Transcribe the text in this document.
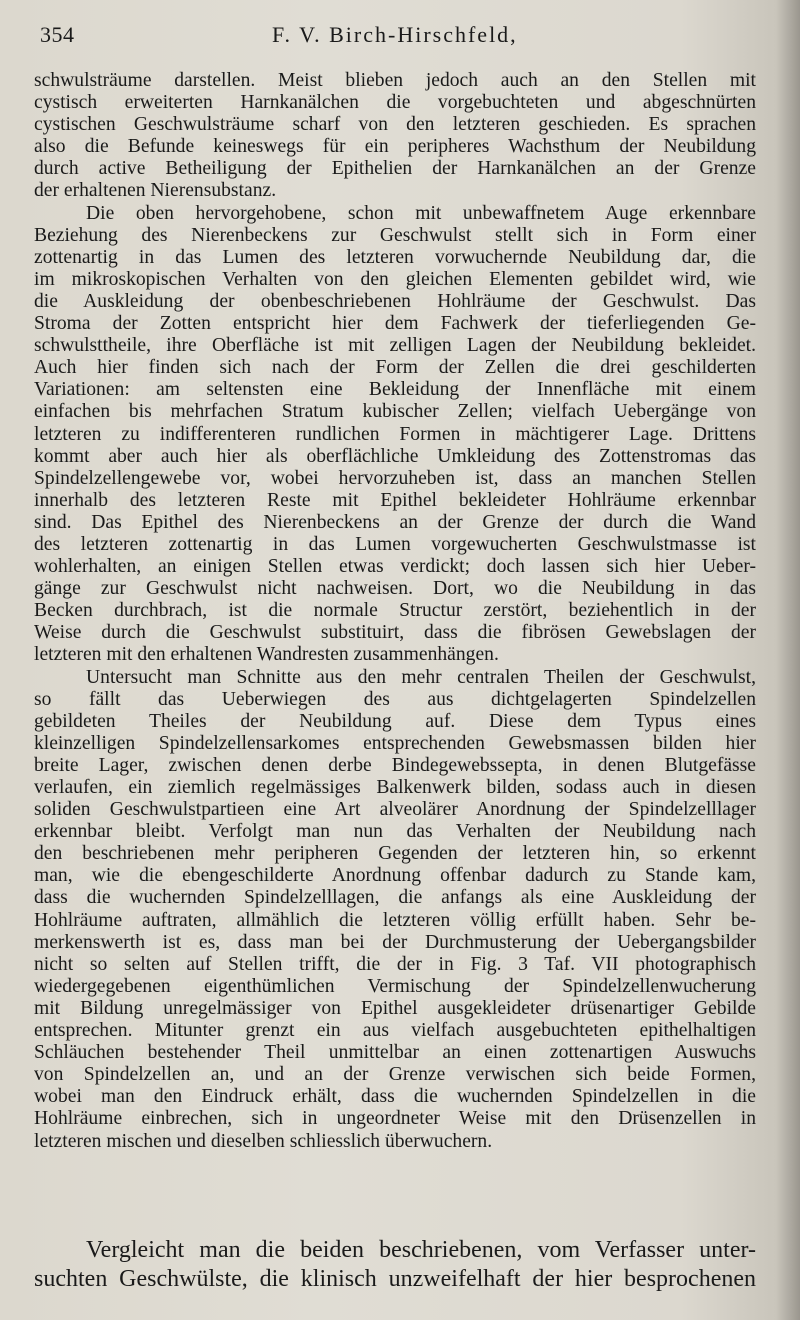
354	F. V. Birch-Hirschfeld,
schwulsträume darstellen. Meist blieben jedoch auch an den Stellen mit
cystisch erweiterten Harnkanälchen die vorgebuchteten und abgeschnürten
cystischen Geschwulsträume scharf von den letzteren geschieden. Es sprachen
also die Befunde keineswegs für ein peripheres Wachsthum der Neubildung
durch active Betheiligung der Epithelien der Harnkanälchen an der Grenze
der erhaltenen Nierensubstanz.
Die oben hervorgehobene, schon mit unbewaffnetem Auge erkennbare
Beziehung des Nierenbeckens zur Geschwulst stellt sich in Form einer
zottenartig in das Lumen des letzteren vorwuchernde Neubildung dar, die
im mikroskopischen Verhalten von den gleichen Elementen gebildet wird, wie
die Auskleidung der obenbeschriebenen Hohlräume der Geschwulst. Das
Stroma der Zotten entspricht hier dem Fachwerk der tieferliegenden Ge-
schwulsttheile, ihre Oberfläche ist mit zelligen Lagen der Neubildung bekleidet.
Auch hier finden sich nach der Form der Zellen die drei geschilderten
Variationen: am seltensten eine Bekleidung der Innenfläche mit einem
einfachen bis mehrfachen Stratum kubischer Zellen; vielfach Uebergänge von
letzteren zu indifferenteren rundlichen Formen in mächtigerer Lage. Drittens
kommt aber auch hier als oberflächliche Umkleidung des Zottenstromas das
Spindelzellengewebe vor, wobei hervorzuheben ist, dass an manchen Stellen
innerhalb des letzteren Reste mit Epithel bekleideter Hohlräume erkennbar
sind. Das Epithel des Nierenbeckens an der Grenze der durch die Wand
des letzteren zottenartig in das Lumen vorgewucherten Geschwulstmasse ist
wohlerhalten, an einigen Stellen etwas verdickt; doch lassen sich hier Ueber-
gänge zur Geschwulst nicht nachweisen. Dort, wo die Neubildung in das
Becken durchbrach, ist die normale Structur zerstört, beziehentlich in der
Weise durch die Geschwulst substituirt, dass die fibrösen Gewebslagen der
letzteren mit den erhaltenen Wandresten zusammenhängen.
Untersucht man Schnitte aus den mehr centralen Theilen der Geschwulst,
so fällt das Ueberwiegen des aus dichtgelagerten Spindelzellen
gebildeten Theiles der Neubildung auf. Diese dem Typus eines
kleinzelligen Spindelzellensarkomes entsprechenden Gewebsmassen bilden hier
breite Lager, zwischen denen derbe Bindegewebssepta, in denen Blutgefässe
verlaufen, ein ziemlich regelmässiges Balkenwerk bilden, sodass auch in diesen
soliden Geschwulstpartieen eine Art alveolärer Anordnung der Spindelzelllager
erkennbar bleibt. Verfolgt man nun das Verhalten der Neubildung nach
den beschriebenen mehr peripheren Gegenden der letzteren hin, so erkennt
man, wie die ebengeschilderte Anordnung offenbar dadurch zu Stande kam,
dass die wuchernden Spindelzelllagen, die anfangs als eine Auskleidung der
Hohlräume auftraten, allmählich die letzteren völlig erfüllt haben. Sehr be-
merkenswerth ist es, dass man bei der Durchmusterung der Uebergangsbilder
nicht so selten auf Stellen trifft, die der in Fig. 3 Taf. VII photographisch
wiedergegebenen eigenthümlichen Vermischung der Spindelzellenwucherung
mit Bildung unregelmässiger von Epithel ausgekleideter drüsenartiger Gebilde
entsprechen. Mitunter grenzt ein aus vielfach ausgebuchteten epithelhaltigen
Schläuchen bestehender Theil unmittelbar an einen zottenartigen Auswuchs
von Spindelzellen an, und an der Grenze verwischen sich beide Formen,
wobei man den Eindruck erhält, dass die wuchernden Spindelzellen in die
Hohlräume einbrechen, sich in ungeordneter Weise mit den Drüsenzellen in
letzteren mischen und dieselben schliesslich überwuchern.
Vergleicht man die beiden beschriebenen, vom Verfasser unter-
suchten Geschwülste, die klinisch unzweifelhaft der hier besprochenen
